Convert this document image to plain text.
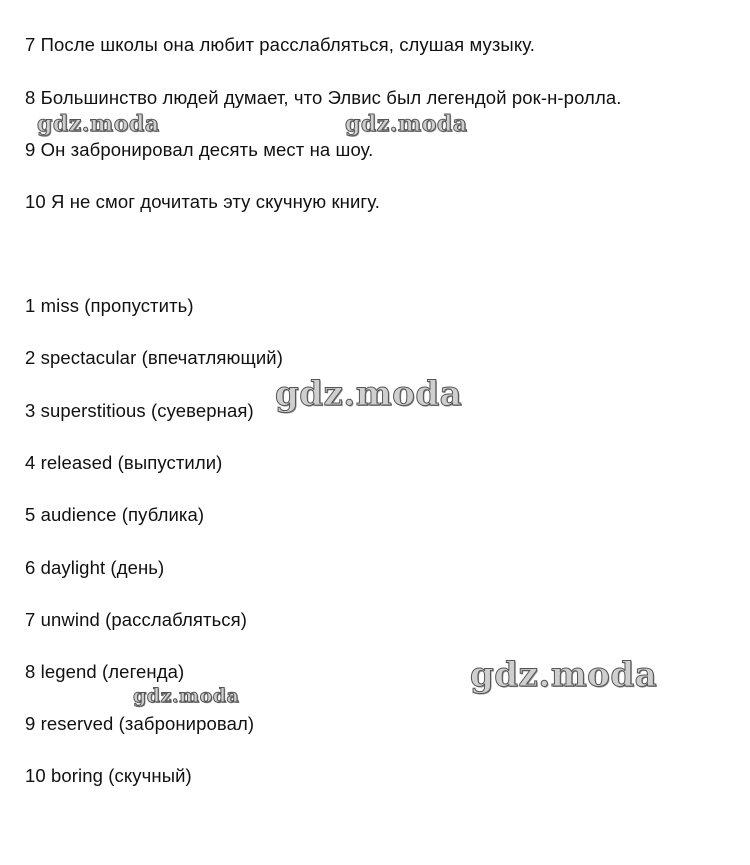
7 После школы она любит расслабляться, слушая музыку.
8 Большинство людей думает, что Элвис был легендой рок-н-ролла.
9 Он забронировал десять мест на шоу.
10 Я не смог дочитать эту скучную книгу.
1 miss (пропустить)
2 spectacular (впечатляющий)
3 superstitious (суеверная)
4 released (выпустили)
5 audience (публика)
6 daylight (день)
7 unwind (расслабляться)
8 legend (легенда)
9 reserved (забронировал)
10 boring (скучный)
gdz.moda	gdz.moda
gdz.moda
gdz.moda
gdz.moda
